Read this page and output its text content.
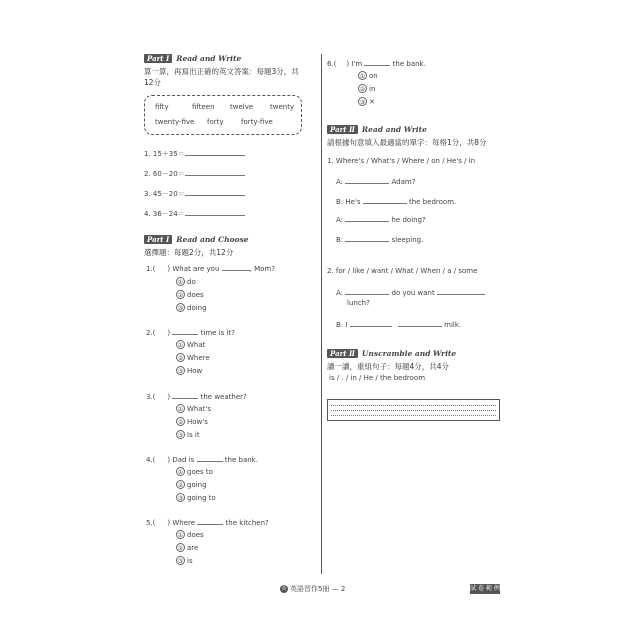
Part I Read and Write
算一算，再寫出正確的英文答案：每題3分，共
12分
fifty	fifteen	twelve	twenty
twenty-five	forty	forty-five
1. 15＋35＝
2. 60－20＝
3. 45－20＝
4. 36－24＝
Part I Read and Choose
選擇題：每題2分，共12分
1.( ) What are you	, Mom?
① do
② does
③ doing
2.( )	time is it?
① What
② Where
③ How
3.( )	the weather?
① What's
② How's
③ Is it
4.( ) Dad is	the bank.
① goes to
② going
③ going to
5.( ) Where	the kitchen?
① does
② are
③ is
6.( ) I'm	the bank.
① on
② in
③ ✕
Part Ⅱ Read and Write
請根據句意填入最適當的單字：每格1分，共8分
1. Where's / What's / Where / on / He's / in
A:	Adam?
B: He's	the bedroom.
A:	he doing?
B:	sleeping.
2. for / like / want / What / When / a / some
A:	do you want
lunch?
B: I	milk.
Part Ⅱ Unscramble and Write
讀一讀，重組句子：每題4分，共4分
is / . / in / He / the bedroom
英 英語習作5冊 — 2	試 卷 範 例
